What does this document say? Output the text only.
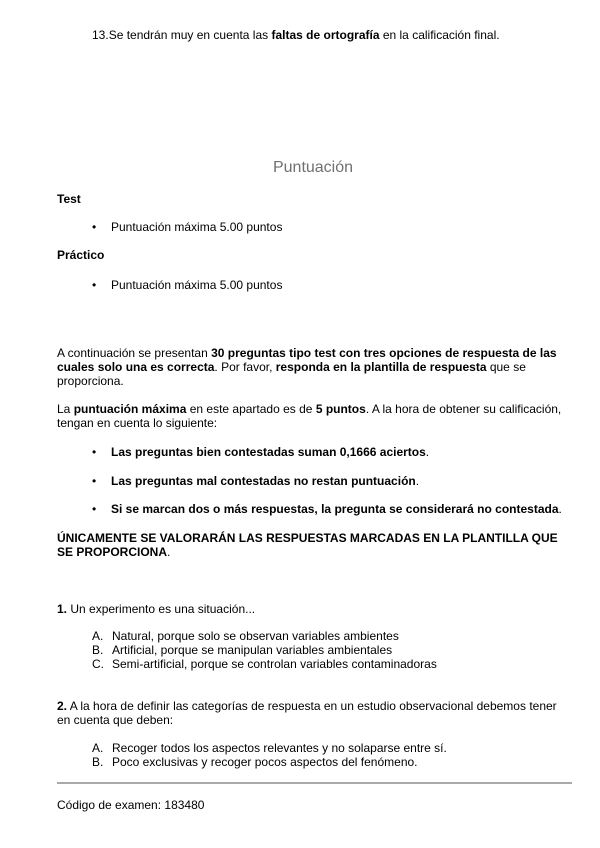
13.Se tendrán muy en cuenta las faltas de ortografía en la calificación final.
Puntuación
Test
•	Puntuación máxima 5.00 puntos
Práctico
•	Puntuación máxima 5.00 puntos
A continuación se presentan 30 preguntas tipo test con tres opciones de respuesta de las
cuales solo una es correcta. Por favor, responda en la plantilla de respuesta que se
proporciona.
La puntuación máxima en este apartado es de 5 puntos. A la hora de obtener su calificación,
tengan en cuenta lo siguiente:
•	Las preguntas bien contestadas suman 0,1666 aciertos.
•	Las preguntas mal contestadas no restan puntuación.
•	Si se marcan dos o más respuestas, la pregunta se considerará no contestada.
ÚNICAMENTE SE VALORARÁN LAS RESPUESTAS MARCADAS EN LA PLANTILLA QUE
SE PROPORCIONA.
1. Un experimento es una situación...
A. Natural, porque solo se observan variables ambientes
B. Artificial, porque se manipulan variables ambientales
C. Semi-artificial, porque se controlan variables contaminadoras
2. A la hora de definir las categorías de respuesta en un estudio observacional debemos tener
en cuenta que deben:
A. Recoger todos los aspectos relevantes y no solaparse entre sí.
B. Poco exclusivas y recoger pocos aspectos del fenómeno.
Código de examen: 183480
